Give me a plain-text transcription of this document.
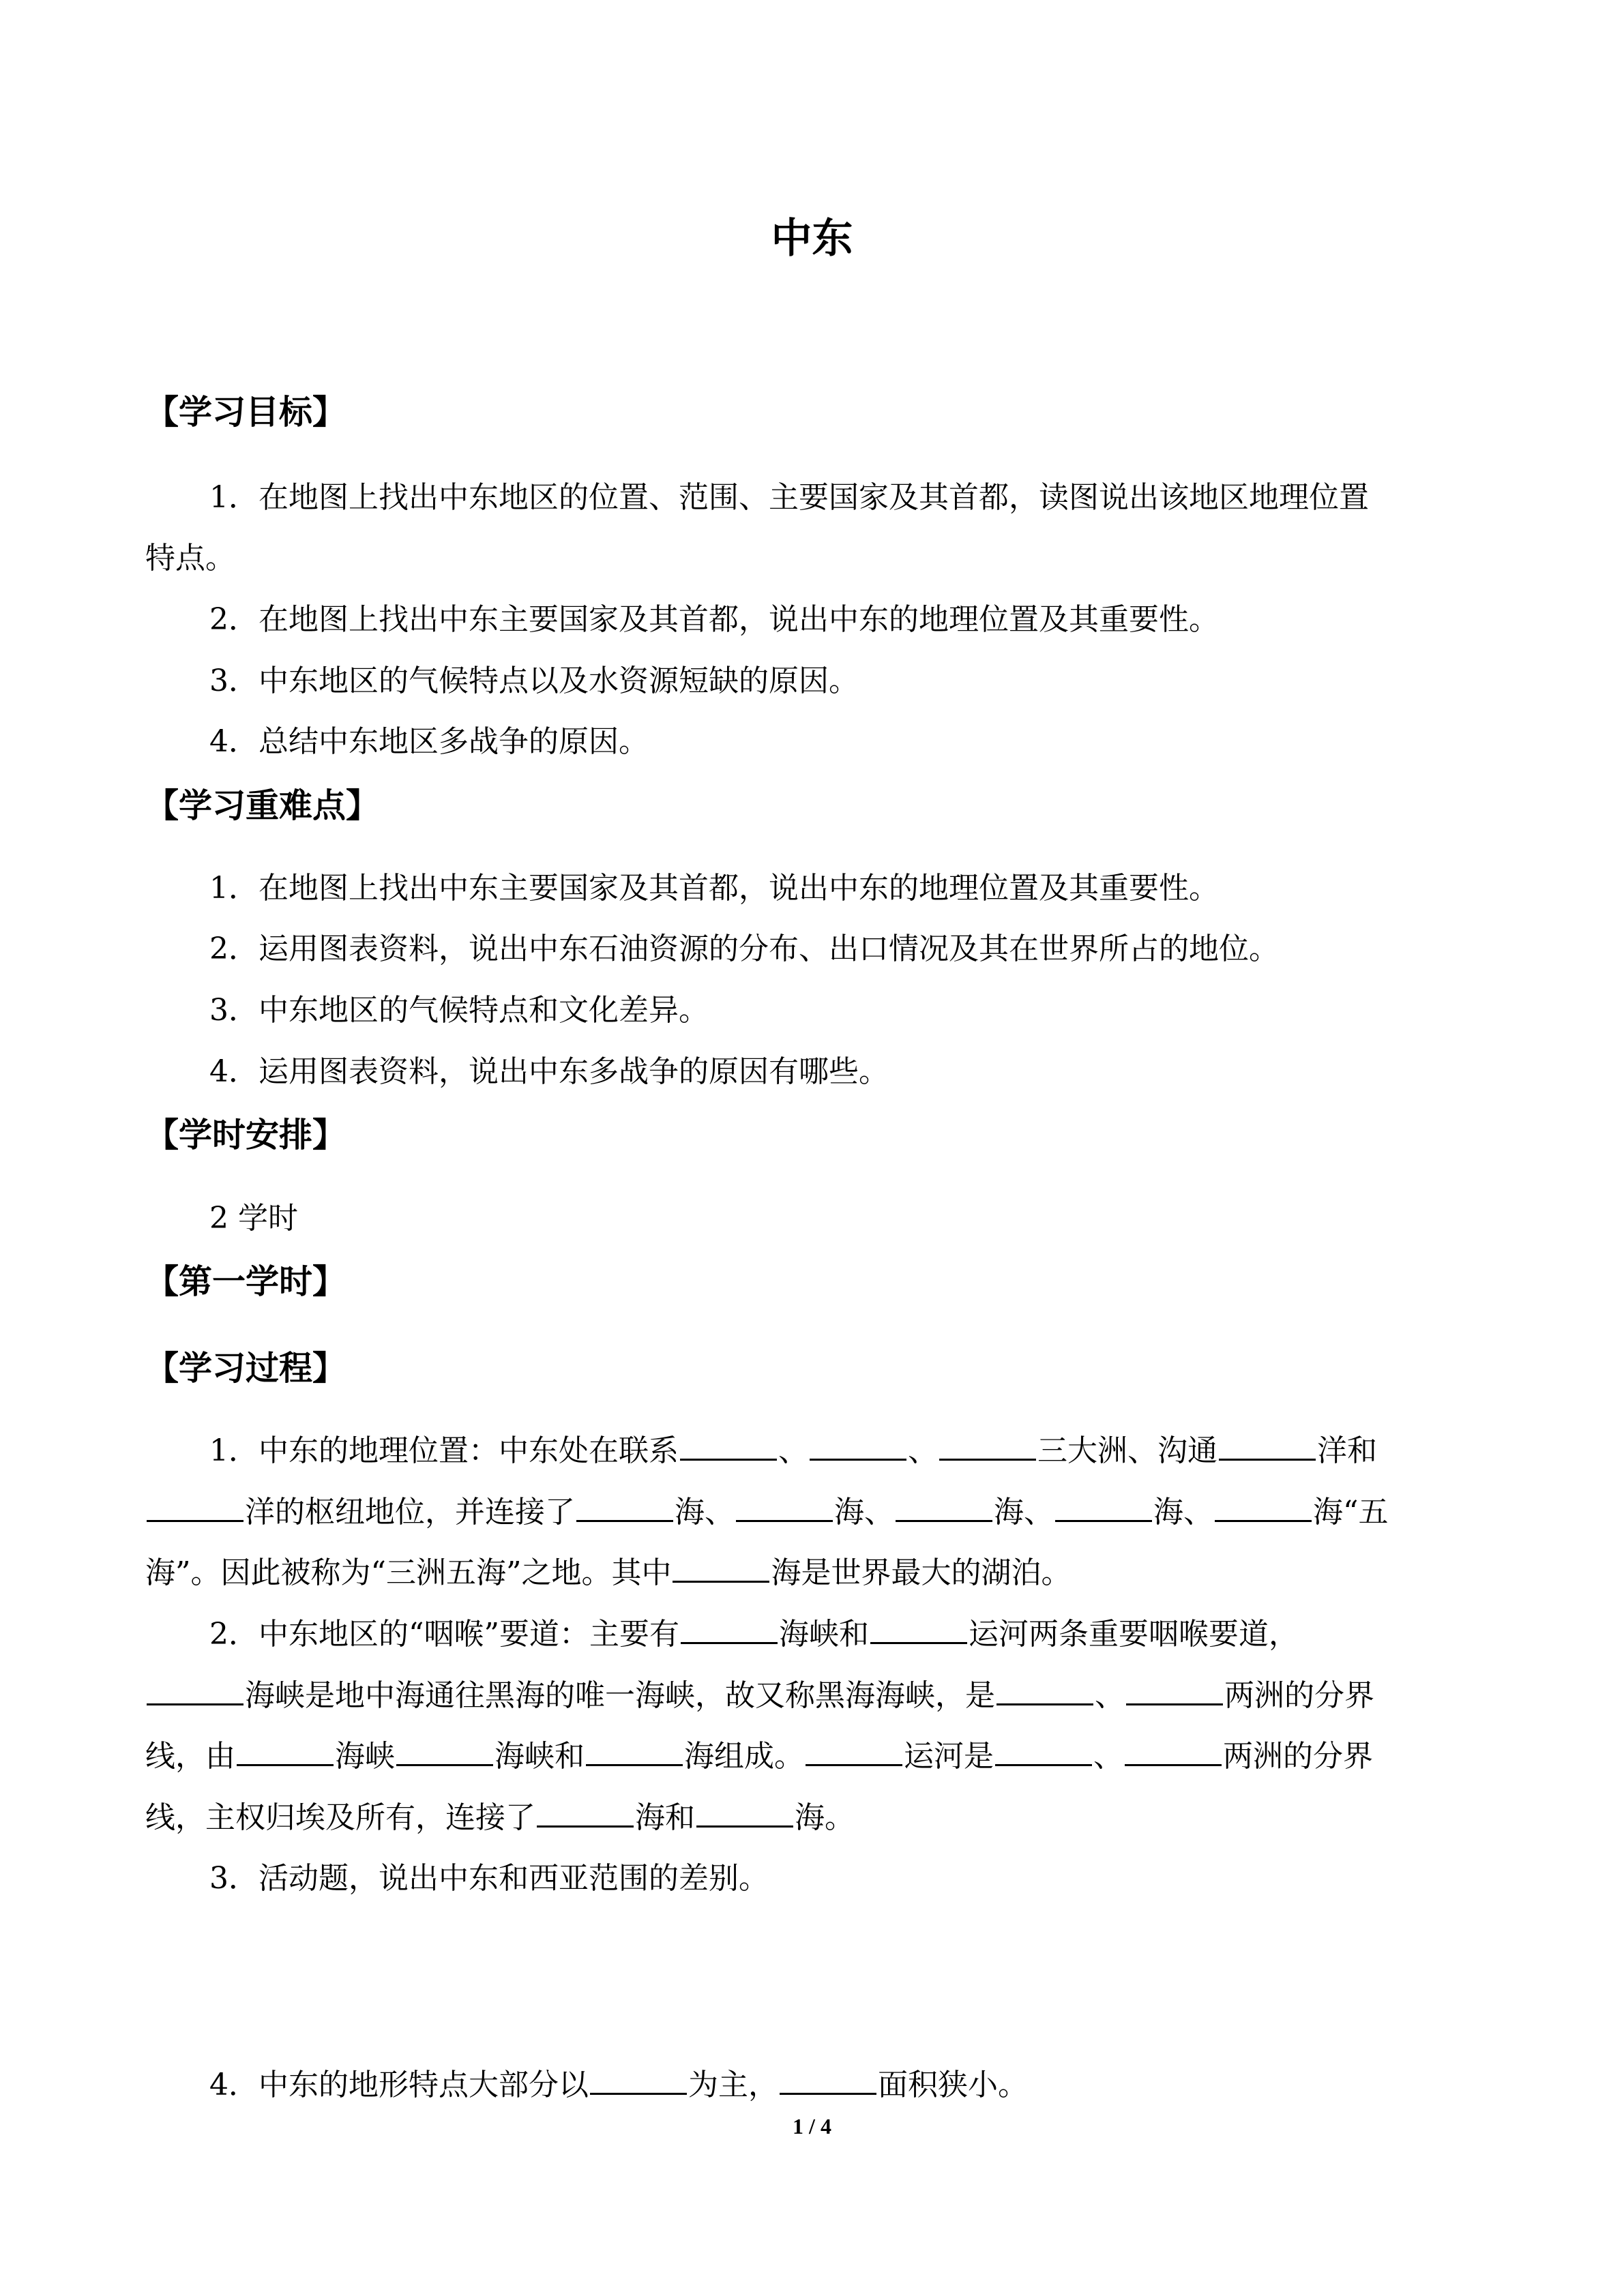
中东
【学习目标】
1．在地图上找出中东地区的位置、范围、主要国家及其首都，读图说出该地区地理位置
特点。
2．在地图上找出中东主要国家及其首都，说出中东的地理位置及其重要性。
3．中东地区的气候特点以及水资源短缺的原因。
4．总结中东地区多战争的原因。
【学习重难点】
1．在地图上找出中东主要国家及其首都，说出中东的地理位置及其重要性。
2．运用图表资料，说出中东石油资源的分布、出口情况及其在世界所占的地位。
3．中东地区的气候特点和文化差异。
4．运用图表资料，说出中东多战争的原因有哪些。
【学时安排】
2 学时
【第一学时】
【学习过程】
1．中东的地理位置：中东处在联系	、	、	三大洲、沟通	洋和
洋的枢纽地位，并连接了	海、	海、	海、	海、	海“五
海”。因此被称为“三洲五海”之地。其中	海是世界最大的湖泊。
2．中东地区的“咽喉”要道：主要有	海峡和	运河两条重要咽喉要道，
海峡是地中海通往黑海的唯一海峡，故又称黑海海峡，是	、	两洲的分界
线，由	海峡	海峡和	海组成。	运河是	、	两洲的分界
线，主权归埃及所有，连接了	海和	海。
3．活动题，说出中东和西亚范围的差别。
4．中东的地形特点大部分以	为主，	面积狭小。
1 / 4
